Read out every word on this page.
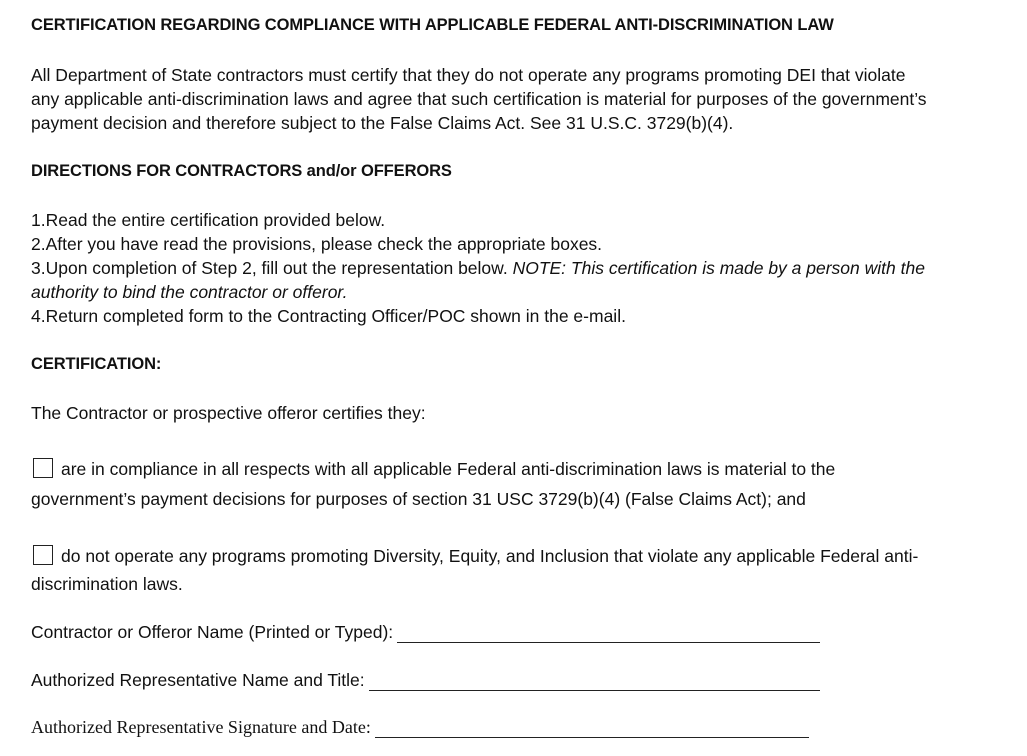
CERTIFICATION REGARDING COMPLIANCE WITH APPLICABLE FEDERAL ANTI-DISCRIMINATION LAW
All Department of State contractors must certify that they do not operate any programs promoting DEI that violate
any applicable anti-discrimination laws and agree that such certification is material for purposes of the government’s
payment decision and therefore subject to the False Claims Act. See 31 U.S.C. 3729(b)(4).
DIRECTIONS FOR CONTRACTORS and/or OFFERORS
1.Read the entire certification provided below.
2.After you have read the provisions, please check the appropriate boxes.
3.Upon completion of Step 2, fill out the representation below. NOTE: This certification is made by a person with the
authority to bind the contractor or offeror.
4.Return completed form to the Contracting Officer/POC shown in the e-mail.
CERTIFICATION:
The Contractor or prospective offeror certifies they:
are in compliance in all respects with all applicable Federal anti-discrimination laws is material to the
government’s payment decisions for purposes of section 31 USC 3729(b)(4) (False Claims Act); and
do not operate any programs promoting Diversity, Equity, and Inclusion that violate any applicable Federal anti-
discrimination laws.
Contractor or Offeror Name (Printed or Typed):
Authorized Representative Name and Title:
Authorized Representative Signature and Date:
